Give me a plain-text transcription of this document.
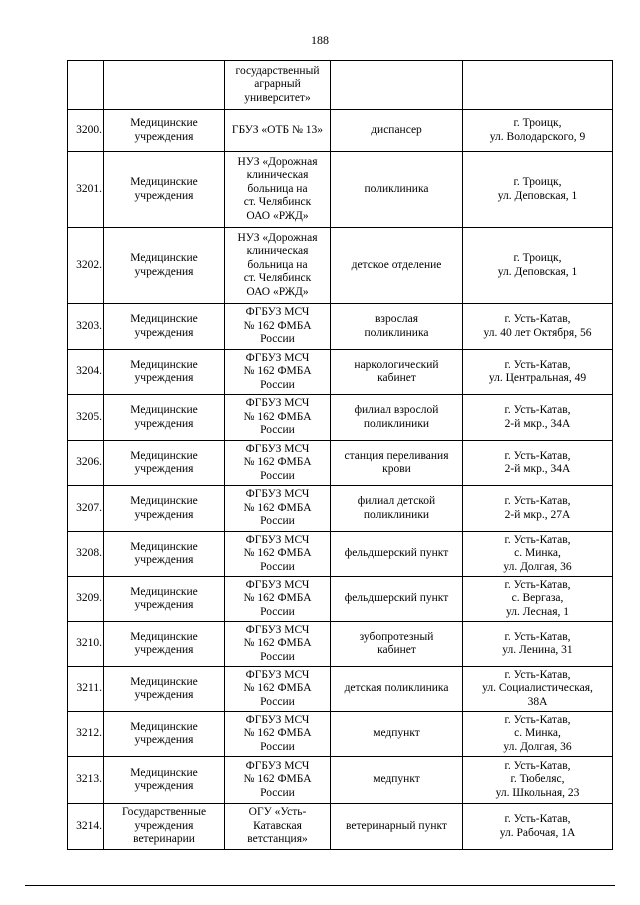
188

		государственный
аграрный
университет»		

3200.	Медицинские
учреждения	ГБУЗ «ОТБ № 13»	диспансер	г. Троицк,
ул. Володарского, 9

3201.	Медицинские
учреждения	НУЗ «Дорожная
клиническая
больница на
ст. Челябинск
ОАО «РЖД»	поликлиника	г. Троицк,
ул. Деповская, 1

3202.	Медицинские
учреждения	НУЗ «Дорожная
клиническая
больница на
ст. Челябинск
ОАО «РЖД»	детское отделение	г. Троицк,
ул. Деповская, 1

3203.	Медицинские
учреждения	ФГБУЗ МСЧ
№ 162 ФМБА
России	взрослая
поликлиника	г. Усть-Катав,
ул. 40 лет Октября, 56

3204.	Медицинские
учреждения	ФГБУЗ МСЧ
№ 162 ФМБА
России	наркологический
кабинет	г. Усть-Катав,
ул. Центральная, 49

3205.	Медицинские
учреждения	ФГБУЗ МСЧ
№ 162 ФМБА
России	филиал взрослой
поликлиники	г. Усть-Катав,
2-й мкр., 34А

3206.	Медицинские
учреждения	ФГБУЗ МСЧ
№ 162 ФМБА
России	станция переливания
крови	г. Усть-Катав,
2-й мкр., 34А

3207.	Медицинские
учреждения	ФГБУЗ МСЧ
№ 162 ФМБА
России	филиал детской
поликлиники	г. Усть-Катав,
2-й мкр., 27А

3208.	Медицинские
учреждения	ФГБУЗ МСЧ
№ 162 ФМБА
России	фельдшерский пункт	г. Усть-Катав,
с. Минка,
ул. Долгая, 36

3209.	Медицинские
учреждения	ФГБУЗ МСЧ
№ 162 ФМБА
России	фельдшерский пункт	г. Усть-Катав,
с. Вергаза,
ул. Лесная, 1

3210.	Медицинские
учреждения	ФГБУЗ МСЧ
№ 162 ФМБА
России	зубопротезный
кабинет	г. Усть-Катав,
ул. Ленина, 31

3211.	Медицинские
учреждения	ФГБУЗ МСЧ
№ 162 ФМБА
России	детская поликлиника	г. Усть-Катав,
ул. Социалистическая,
38А

3212.	Медицинские
учреждения	ФГБУЗ МСЧ
№ 162 ФМБА
России	медпункт	г. Усть-Катав,
с. Минка,
ул. Долгая, 36

3213.	Медицинские
учреждения	ФГБУЗ МСЧ
№ 162 ФМБА
России	медпункт	г. Усть-Катав,
г. Тюбеляс,
ул. Школьная, 23

3214.	Государственные
учреждения
ветеринарии	ОГУ «Усть-
Катавская
ветстанция»	ветеринарный пункт	г. Усть-Катав,
ул. Рабочая, 1А
